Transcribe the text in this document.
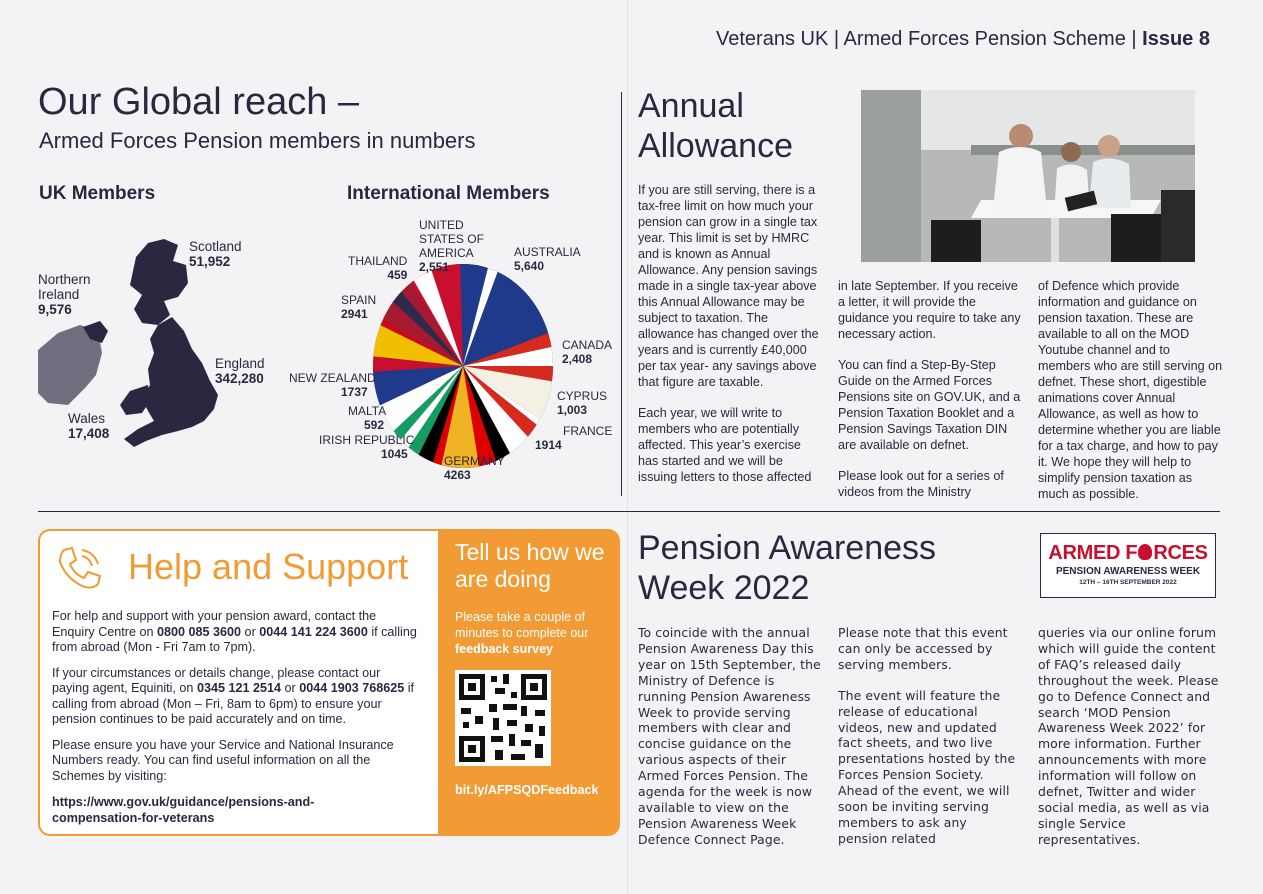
Veterans UK | Armed Forces Pension Scheme | Issue 8
Our Global reach –
Armed Forces Pension members in numbers
UK Members	International Members
Scotland
51,952
Northern Ireland
9,576
England
342,280
Wales
17,408
UNITED STATES OF AMERICA
2,551
AUSTRALIA
5,640
THAILAND
459
SPAIN
2941
CANADA
2,408
NEW ZEALAND
1737	CYPRUS
1,003
MALTA
592	FRANCE
1914
IRISH REPUBLIC
1045	GERMANY
4263
Annual
Allowance

If you are still serving, there is a tax-free limit on how much your pension can grow in a single tax year. This limit is set by HMRC and is known as Annual Allowance. Any pension savings made in a single tax-year above this Annual Allowance may be subject to taxation. The allowance has changed over the years and is currently £40,000 per tax year- any savings above that figure are taxable.

Each year, we will write to members who are potentially affected. This year’s exercise has started and we will be issuing letters to those affected

in late September. If you receive a letter, it will provide the guidance you require to take any necessary action.

You can find a Step-By-Step Guide on the Armed Forces Pensions site on GOV.UK, and a Pension Taxation Booklet and a Pension Savings Taxation DIN are available on defnet.

Please look out for a series of videos from the Ministry

of Defence which provide information and guidance on pension taxation. These are available to all on the MOD Youtube channel and to members who are still serving on defnet. These short, digestible animations cover Annual Allowance, as well as how to determine whether you are liable for a tax charge, and how to pay it. We hope they will help to simplify pension taxation as much as possible.

Help and Support

For help and support with your pension award, contact the Enquiry Centre on 0800 085 3600 or 0044 141 224 3600 if calling from abroad (Mon - Fri 7am to 7pm).

If your circumstances or details change, please contact our paying agent, Equiniti, on 0345 121 2514 or 0044 1903 768625 if calling from abroad (Mon – Fri, 8am to 6pm) to ensure your pension continues to be paid accurately and on time.

Please ensure you have your Service and National Insurance Numbers ready. You can find useful information on all the Schemes by visiting:

https://www.gov.uk/guidance/pensions-and-compensation-for-veterans
Tell us how we are doing
Please take a couple of minutes to complete our feedback survey
bit.ly/AFPSQDFeedback
Pension Awareness
Week 2022
ARMED F RCES
PENSION AWARENESS WEEK
12TH – 16TH SEPTEMBER 2022

To coincide with the annual Pension Awareness Day this year on 15th September, the Ministry of Defence is running Pension Awareness Week to provide serving members with clear and concise guidance on the various aspects of their Armed Forces Pension. The agenda for the week is now available to view on the Pension Awareness Week Defence Connect Page.

Please note that this event can only be accessed by serving members.

The event will feature the release of educational videos, new and updated fact sheets, and two live presentations hosted by the Forces Pension Society. Ahead of the event, we will soon be inviting serving members to ask any pension related

queries via our online forum which will guide the content of FAQ’s released daily throughout the week. Please go to Defence Connect and search ‘MOD Pension Awareness Week 2022’ for more information. Further announcements with more information will follow on defnet, Twitter and wider social media, as well as via single Service representatives.
